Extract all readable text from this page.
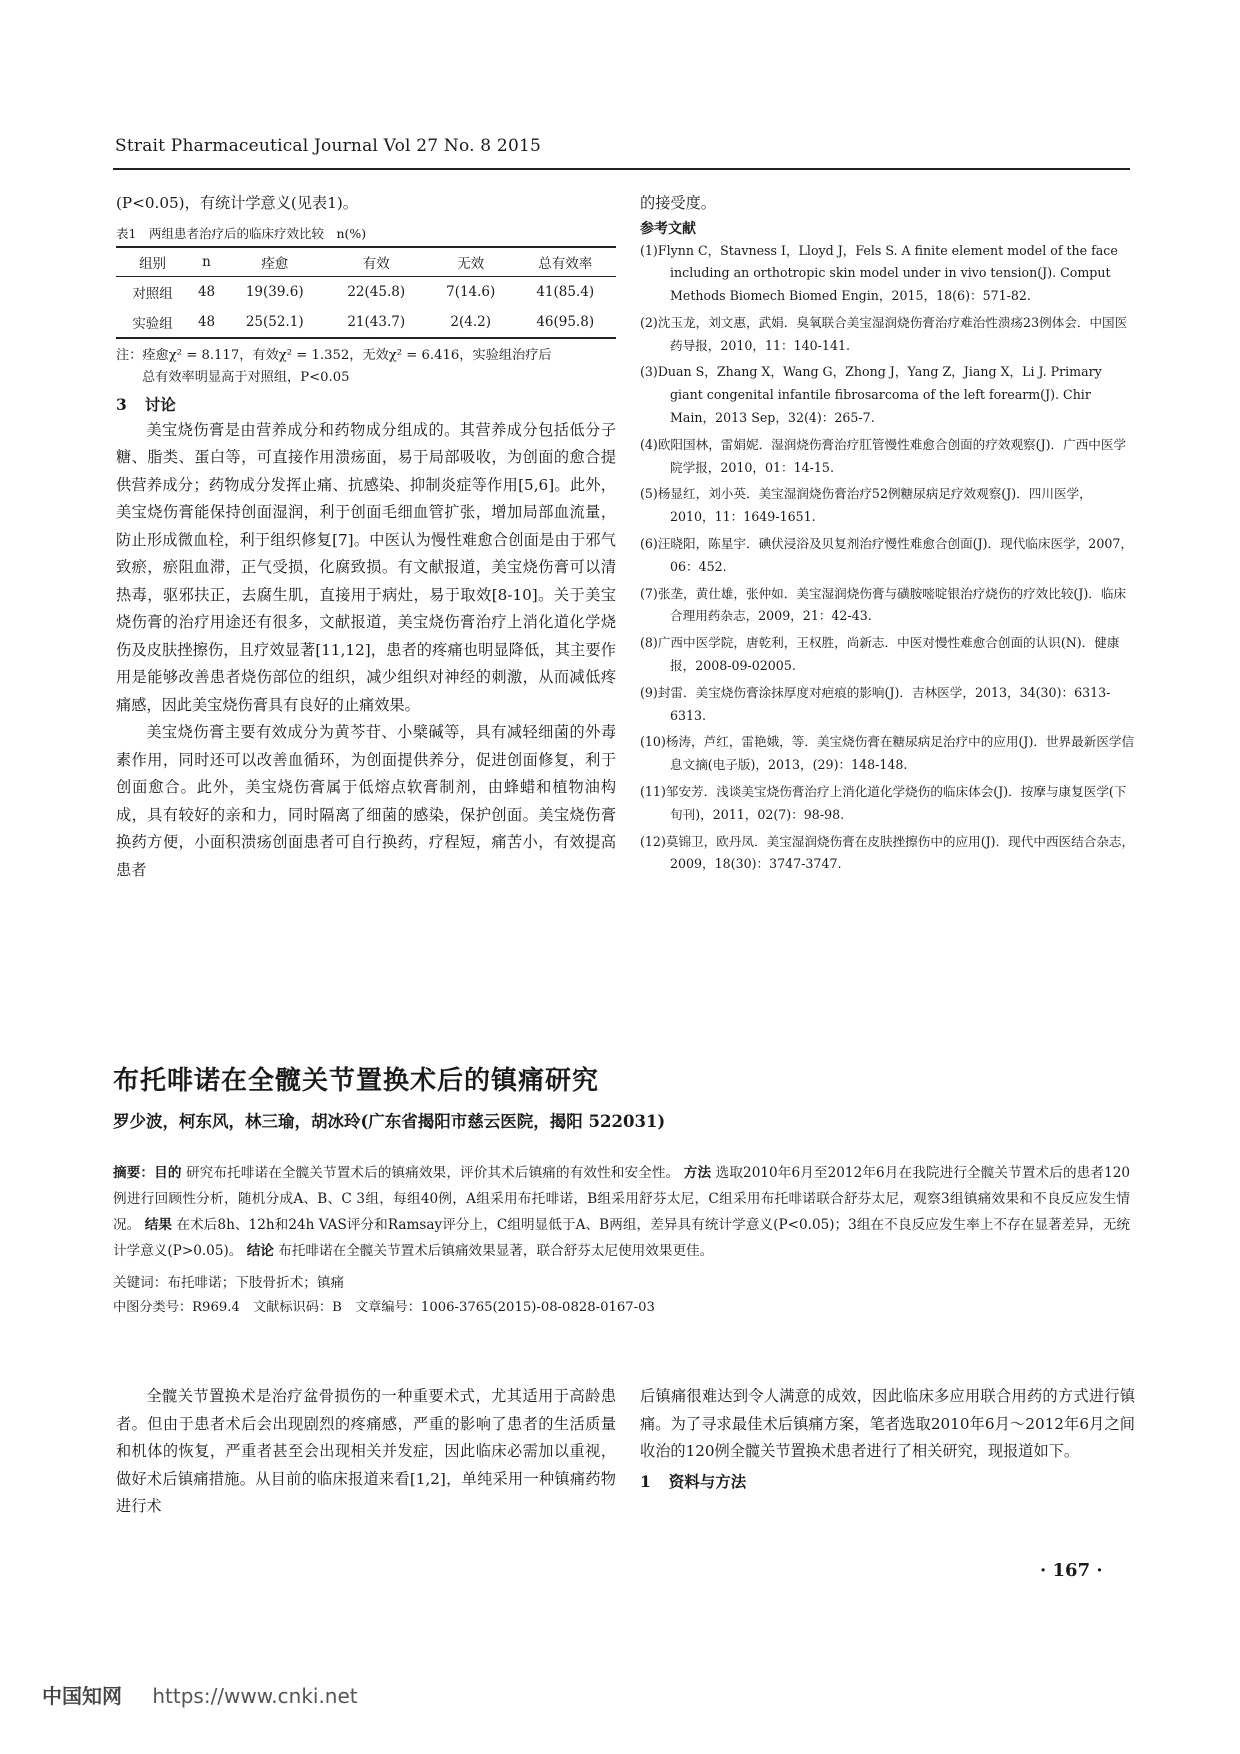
Strait Pharmaceutical Journal Vol 27 No. 8 2015

(P<0.05)，有统计学意义(见表1)。

表1　两组患者治疗后的临床疗效比较　n(%)
组别	n	痊愈	有效	无效	总有效率
对照组	48	19(39.6)	22(45.8)	7(14.6)	41(85.4)
实验组	48	25(52.1)	21(43.7)	2(4.2)	46(95.8)
注：痊愈χ² = 8.117，有效χ² = 1.352，无效χ² = 6.416，实验组治疗后
总有效率明显高于对照组，P<0.05
3 讨论

美宝烧伤膏是由营养成分和药物成分组成的。其营养成分包括低分子糖、脂类、蛋白等，可直接作用溃疡面，易于局部吸收，为创面的愈合提供营养成分；药物成分发挥止痛、抗感染、抑制炎症等作用[5,6]。此外，美宝烧伤膏能保持创面湿润，利于创面毛细血管扩张，增加局部血流量，防止形成微血栓，利于组织修复[7]。中医认为慢性难愈合创面是由于邪气致瘀，瘀阻血滞，正气受损，化腐致损。有文献报道，美宝烧伤膏可以清热毒，驱邪扶正，去腐生肌，直接用于病灶，易于取效[8-10]。关于美宝烧伤膏的治疗用途还有很多，文献报道，美宝烧伤膏治疗上消化道化学烧伤及皮肤挫擦伤，且疗效显著[11,12]，患者的疼痛也明显降低，其主要作用是能够改善患者烧伤部位的组织，减少组织对神经的刺激，从而减低疼痛感，因此美宝烧伤膏具有良好的止痛效果。

美宝烧伤膏主要有效成分为黄芩苷、小檗碱等，具有减轻细菌的外毒素作用，同时还可以改善血循环，为创面提供养分，促进创面修复，利于创面愈合。此外，美宝烧伤膏属于低熔点软膏制剂，由蜂蜡和植物油构成，具有较好的亲和力，同时隔离了细菌的感染，保护创面。美宝烧伤膏换药方便，小面积溃疡创面患者可自行换药，疗程短，痛苦小，有效提高患者

的接受度。

参考文献

(1)Flynn C，Stavness I，Lloyd J，Fels S. A finite element model of the face including an orthotropic skin model under in vivo tension(J). Comput Methods Biomech Biomed Engin，2015，18(6)：571-82.

(2)沈玉龙，刘文惠，武娟．臭氧联合美宝湿润烧伤膏治疗难治性溃疡23例体会．中国医药导报，2010，11：140-141.

(3)Duan S，Zhang X，Wang G，Zhong J，Yang Z，Jiang X，Li J. Primary giant congenital infantile fibrosarcoma of the left forearm(J). Chir Main，2013 Sep，32(4)：265-7.

(4)欧阳国林，雷娟妮．湿润烧伤膏治疗肛管慢性难愈合创面的疗效观察(J)．广西中医学院学报，2010，01：14-15.

(5)杨显红，刘小英．美宝湿润烧伤膏治疗52例糖尿病足疗效观察(J)．四川医学，2010，11：1649-1651.

(6)汪晓阳，陈星宇．碘伏浸浴及贝复剂治疗慢性难愈合创面(J)．现代临床医学，2007，06：452.

(7)张垄，黄仕雄，张仲如．美宝湿润烧伤膏与磺胺嘧啶银治疗烧伤的疗效比较(J)．临床合理用药杂志，2009，21：42-43.

(8)广西中医学院，唐乾利，王权胜，尚新志．中医对慢性难愈合创面的认识(N)．健康报，2008-09-02005.

(9)封雷．美宝烧伤膏涂抹厚度对疤痕的影响(J)．吉林医学，2013，34(30)：6313-6313.

(10)杨涛，芦红，雷艳娥，等．美宝烧伤膏在糖尿病足治疗中的应用(J)．世界最新医学信息文摘(电子版)，2013，(29)：148-148.

(11)邹安芳．浅谈美宝烧伤膏治疗上消化道化学烧伤的临床体会(J)．按摩与康复医学(下旬刊)，2011，02(7)：98-98.

(12)莫锦卫，欧丹凤．美宝湿润烧伤膏在皮肤挫擦伤中的应用(J)．现代中西医结合杂志，2009，18(30)：3747-3747.

布托啡诺在全髋关节置换术后的镇痛研究
罗少波，柯东风，林三瑜，胡冰玲(广东省揭阳市慈云医院，揭阳 522031)
摘要：目的 研究布托啡诺在全髋关节置术后的镇痛效果，评价其术后镇痛的有效性和安全性。 方法 选取2010年6月至2012年6月在我院进行全髋关节置术后的患者120例进行回顾性分析，随机分成A、B、C 3组，每组40例，A组采用布托啡诺，B组采用舒芬太尼，C组采用布托啡诺联合舒芬太尼，观察3组镇痛效果和不良反应发生情况。 结果 在术后8h、12h和24h VAS评分和Ramsay评分上，C组明显低于A、B两组，差异具有统计学意义(P<0.05)；3组在不良反应发生率上不存在显著差异，无统计学意义(P>0.05)。 结论 布托啡诺在全髋关节置术后镇痛效果显著，联合舒芬太尼使用效果更佳。
关键词：布托啡诺；下肢骨折术；镇痛
中图分类号：R969.4　文献标识码：B　文章编号：1006-3765(2015)-08-0828-0167-03

全髋关节置换术是治疗盆骨损伤的一种重要术式，尤其适用于高龄患者。但由于患者术后会出现剧烈的疼痛感，严重的影响了患者的生活质量和机体的恢复，严重者甚至会出现相关并发症，因此临床必需加以重视，做好术后镇痛措施。从目前的临床报道来看[1,2]，单纯采用一种镇痛药物进行术

后镇痛很难达到令人满意的成效，因此临床多应用联合用药的方式进行镇痛。为了寻求最佳术后镇痛方案，笔者选取2010年6月～2012年6月之间收治的120例全髋关节置换术患者进行了相关研究，现报道如下。

1 资料与方法
· 167 ·
中国知网 https://www.cnki.net
